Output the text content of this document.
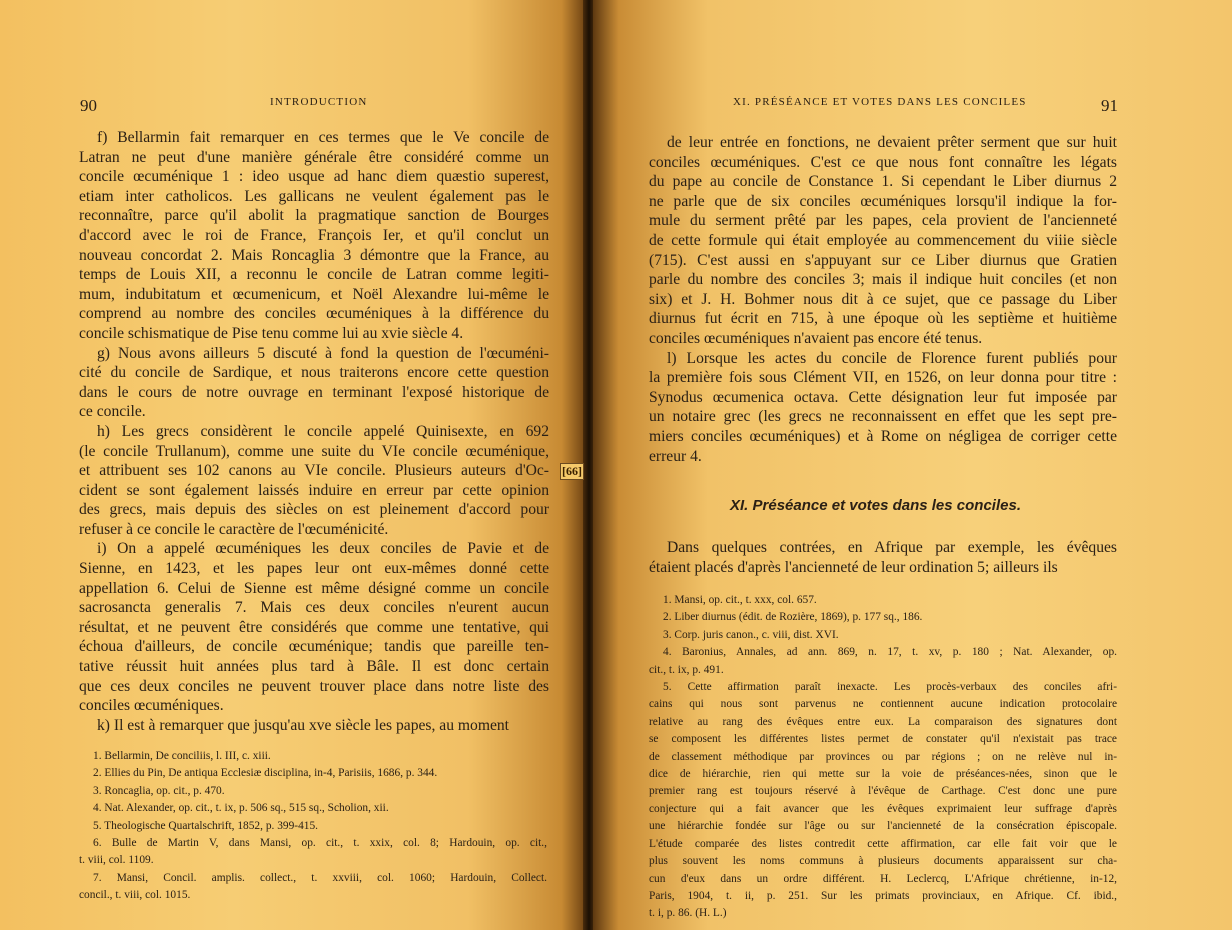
90	INTRODUCTION

f) Bellarmin fait remarquer en ces termes que le Ve concile de
Latran ne peut d'une manière générale être considéré comme un
concile œcuménique 1 : ideo usque ad hanc diem quæstio superest,
etiam inter catholicos. Les gallicans ne veulent également pas le
reconnaître, parce qu'il abolit la pragmatique sanction de Bourges
d'accord avec le roi de France, François Ier, et qu'il conclut un
nouveau concordat 2. Mais Roncaglia 3 démontre que la France, au
temps de Louis XII, a reconnu le concile de Latran comme legiti-
mum, indubitatum et œcumenicum, et Noël Alexandre lui-même le
comprend au nombre des conciles œcuméniques à la différence du
concile schismatique de Pise tenu comme lui au xvie siècle 4.

g) Nous avons ailleurs 5 discuté à fond la question de l'œcuméni-
cité du concile de Sardique, et nous traiterons encore cette question
dans le cours de notre ouvrage en terminant l'exposé historique de
ce concile.

h) Les grecs considèrent le concile appelé Quinisexte, en 692
(le concile Trullanum), comme une suite du VIe concile œcuménique,
et attribuent ses 102 canons au VIe concile. Plusieurs auteurs d'Oc-
cident se sont également laissés induire en erreur par cette opinion
des grecs, mais depuis des siècles on est pleinement d'accord pour
refuser à ce concile le caractère de l'œcuménicité.

i) On a appelé œcuméniques les deux conciles de Pavie et de
Sienne, en 1423, et les papes leur ont eux-mêmes donné cette
appellation 6. Celui de Sienne est même désigné comme un concile
sacrosancta generalis 7. Mais ces deux conciles n'eurent aucun
résultat, et ne peuvent être considérés que comme une tentative, qui
échoua d'ailleurs, de concile œcuménique; tandis que pareille ten-
tative réussit huit années plus tard à Bâle. Il est donc certain
que ces deux conciles ne peuvent trouver place dans notre liste des
conciles œcuméniques.

k) Il est à remarquer que jusqu'au xve siècle les papes, au moment

1. Bellarmin, De conciliis, l. III, c. xiii.

2. Ellies du Pin, De antiqua Ecclesiæ disciplina, in-4, Parisiis, 1686, p. 344.

3. Roncaglia, op. cit., p. 470.

4. Nat. Alexander, op. cit., t. ix, p. 506 sq., 515 sq., Scholion, xii.

5. Theologische Quartalschrift, 1852, p. 399-415.

6. Bulle de Martin V, dans Mansi, op. cit., t. xxix, col. 8; Hardouin, op. cit.,
t. viii, col. 1109.

7. Mansi, Concil. amplis. collect., t. xxviii, col. 1060; Hardouin, Collect.
concil., t. viii, col. 1015.

[66]
XI. PRÉSÉANCE ET VOTES DANS LES CONCILES	91

de leur entrée en fonctions, ne devaient prêter serment que sur huit
conciles œcuméniques. C'est ce que nous font connaître les légats
du pape au concile de Constance 1. Si cependant le Liber diurnus 2
ne parle que de six conciles œcuméniques lorsqu'il indique la for-
mule du serment prêté par les papes, cela provient de l'ancienneté
de cette formule qui était employée au commencement du viiie siècle
(715). C'est aussi en s'appuyant sur ce Liber diurnus que Gratien
parle du nombre des conciles 3; mais il indique huit conciles (et non
six) et J. H. Bohmer nous dit à ce sujet, que ce passage du Liber
diurnus fut écrit en 715, à une époque où les septième et huitième
conciles œcuméniques n'avaient pas encore été tenus.

l) Lorsque les actes du concile de Florence furent publiés pour
la première fois sous Clément VII, en 1526, on leur donna pour titre :
Synodus œcumenica octava. Cette désignation leur fut imposée par
un notaire grec (les grecs ne reconnaissent en effet que les sept pre-
miers conciles œcuméniques) et à Rome on négligea de corriger cette
erreur 4.

Dans quelques contrées, en Afrique par exemple, les évêques
étaient placés d'après l'ancienneté de leur ordination 5; ailleurs ils

1. Mansi, op. cit., t. xxx, col. 657.

2. Liber diurnus (édit. de Rozière, 1869), p. 177 sq., 186.

3. Corp. juris canon., c. viii, dist. XVI.

4. Baronius, Annales, ad ann. 869, n. 17, t. xv, p. 180 ; Nat. Alexander, op.
cit., t. ix, p. 491.

5. Cette affirmation paraît inexacte. Les procès-verbaux des conciles afri-
cains qui nous sont parvenus ne contiennent aucune indication protocolaire
relative au rang des évêques entre eux. La comparaison des signatures dont
se composent les différentes listes permet de constater qu'il n'existait pas trace
de classement méthodique par provinces ou par régions ; on ne relève nul in-
dice de hiérarchie, rien qui mette sur la voie de préséances-nées, sinon que le
premier rang est toujours réservé à l'évêque de Carthage. C'est donc une pure
conjecture qui a fait avancer que les évêques exprimaient leur suffrage d'après
une hiérarchie fondée sur l'âge ou sur l'ancienneté de la consécration épiscopale.
L'étude comparée des listes contredit cette affirmation, car elle fait voir que le
plus souvent les noms communs à plusieurs documents apparaissent sur cha-
cun d'eux dans un ordre différent. H. Leclercq, L'Afrique chrétienne, in-12,
Paris, 1904, t. ii, p. 251. Sur les primats provinciaux, en Afrique. Cf. ibid.,
t. i, p. 86. (H. L.)

XI. Préséance et votes dans les conciles.
